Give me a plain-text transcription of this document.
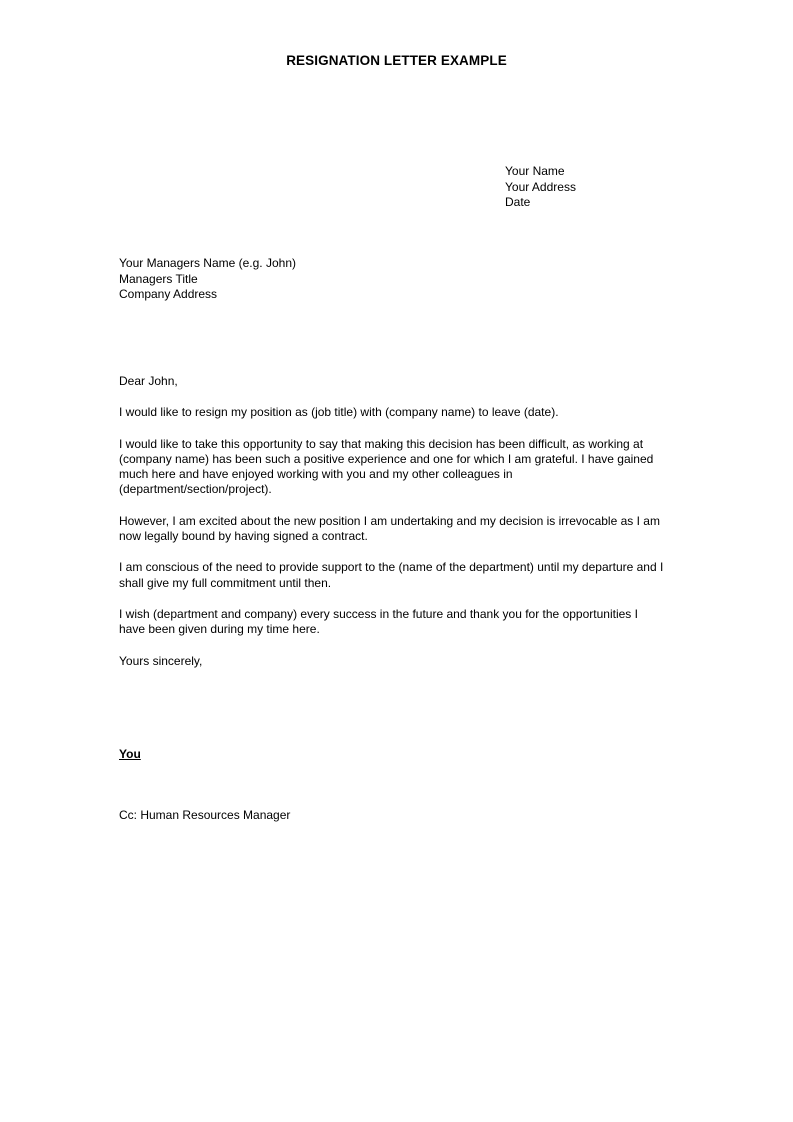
RESIGNATION LETTER EXAMPLE
Your Name
Your Address
Date
Your Managers Name (e.g. John)
Managers Title
Company Address

Dear John,

I would like to resign my position as (job title) with (company name) to leave (date).

I would like to take this opportunity to say that making this decision has been difficult, as working at (company name) has been such a positive experience and one for which I am grateful. I have gained much here and have enjoyed working with you and my other colleagues in (department/section/project).

However, I am excited about the new position I am undertaking and my decision is irrevocable as I am now legally bound by having signed a contract.

I am conscious of the need to provide support to the (name of the department) until my departure and I shall give my full commitment until then.

I wish (department and company) every success in the future and thank you for the opportunities I have been given during my time here.

Yours sincerely,

You
Cc: Human Resources Manager
